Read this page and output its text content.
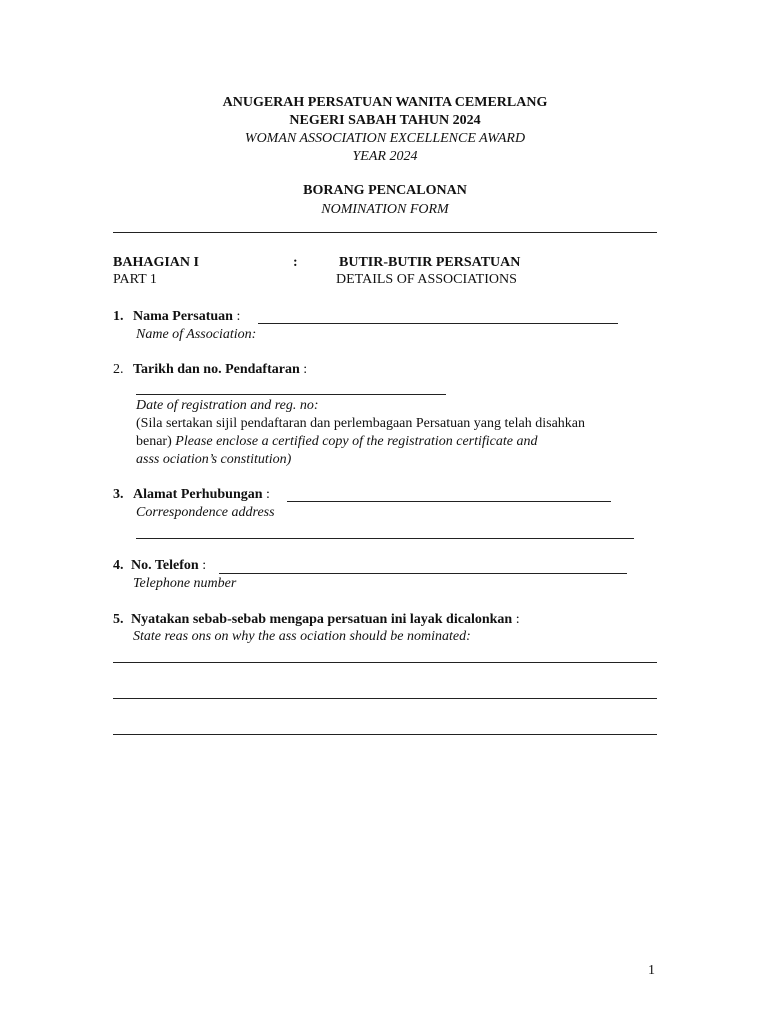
ANUGERAH PERSATUAN WANITA CEMERLANG
NEGERI SABAH TAHUN 2024
WOMAN ASSOCIATION EXCELLENCE AWARD
YEAR 2024
BORANG PENCALONAN
NOMINATION FORM
BAHAGIAN I
PART 1
:	BUTIR-BUTIR PERSATUAN
DETAILS OF ASSOCIATIONS
1. Nama Persatuan :
Name of Association:
2. Tarikh dan no. Pendaftaran :
Date of registration and reg. no:
(Sila sertakan sijil pendaftaran dan perlembagaan Persatuan yang telah disahkan
benar) Please enclose a certified copy of the registration certificate and
asss ociation’s constitution)
3. Alamat Perhubungan :
Correspondence address
4. No. Telefon :
Telephone number
5. Nyatakan sebab-sebab mengapa persatuan ini layak dicalonkan :
State reas ons on why the ass ociation should be nominated:
1
